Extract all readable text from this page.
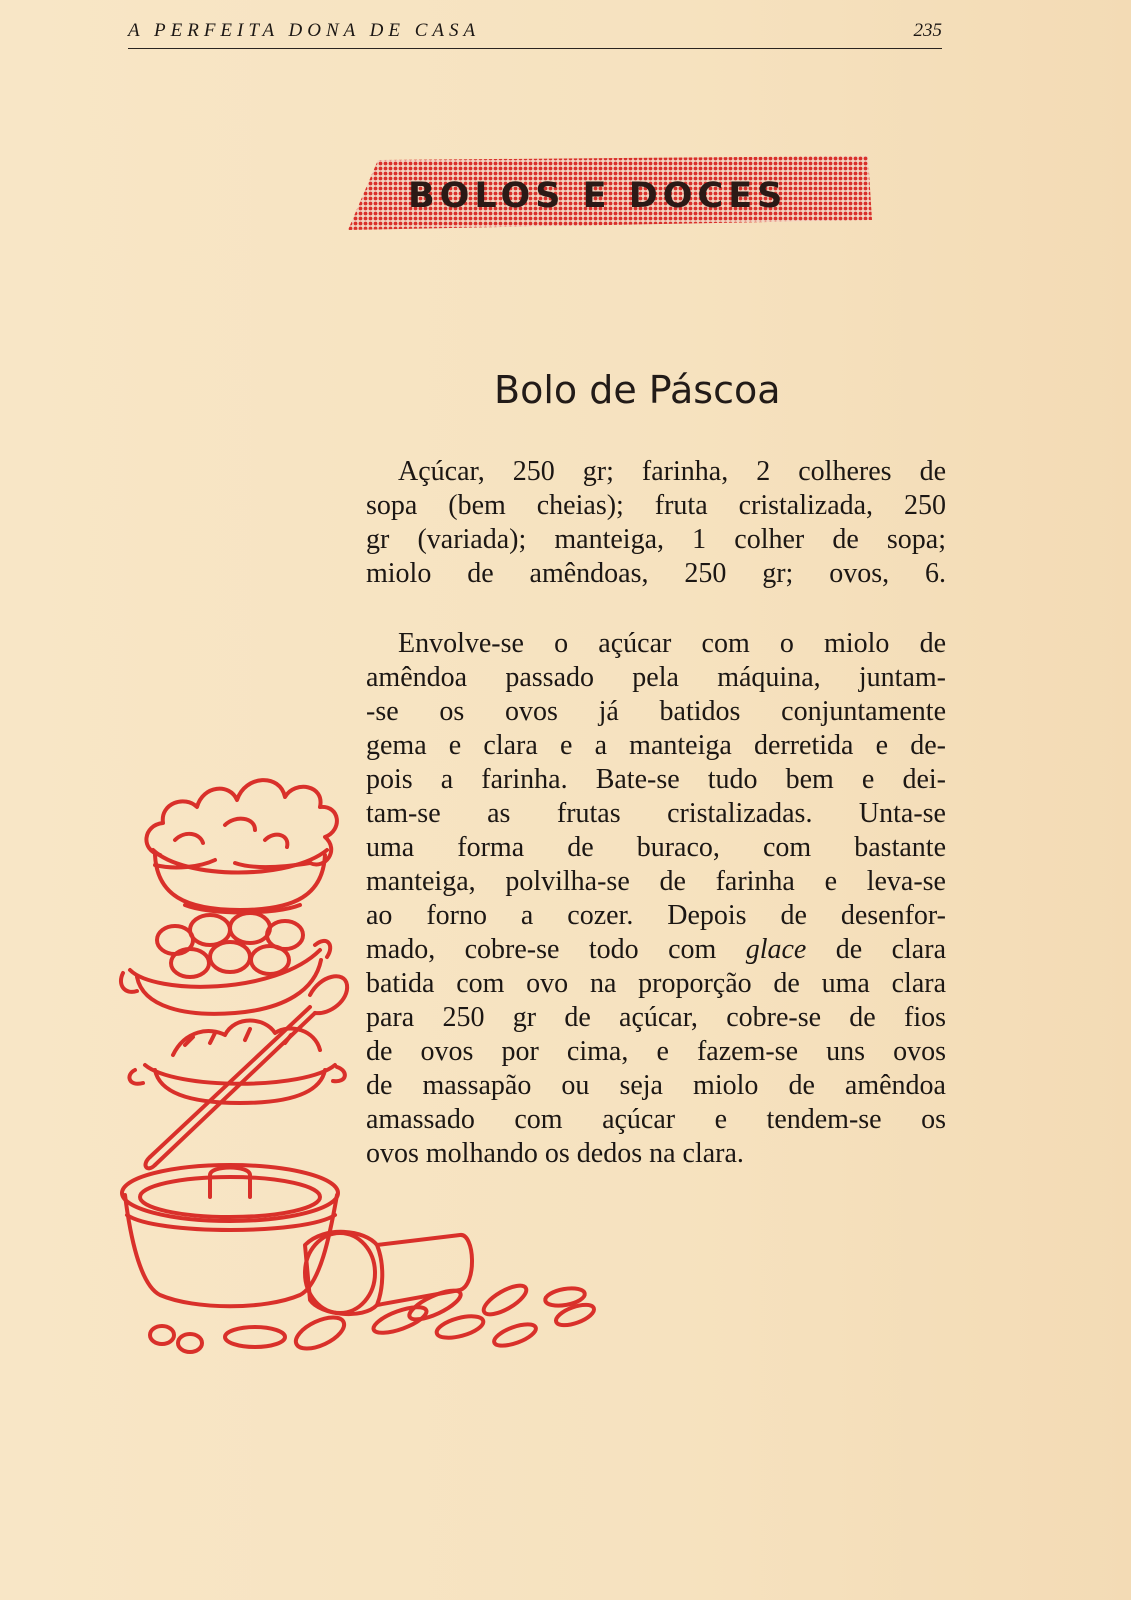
A PERFEITA DONA DE CASA	235
BOLOS E DOCES
Bolo de Páscoa
Açúcar, 250 gr; farinha, 2 colheres de
sopa (bem cheias); fruta cristalizada, 250
gr (variada); manteiga, 1 colher de sopa;
miolo de amêndoas, 250 gr; ovos, 6.
Envolve-se o açúcar com o miolo de
amêndoa passado pela máquina, juntam-
-se os ovos já batidos conjuntamente
gema e clara e a manteiga derretida e de-
pois a farinha. Bate-se tudo bem e dei-
tam-se as frutas cristalizadas. Unta-se
uma forma de buraco, com bastante
manteiga, polvilha-se de farinha e leva-se
ao forno a cozer. Depois de desenfor-
mado, cobre-se todo com glace de clara
batida com ovo na proporção de uma clara
para 250 gr de açúcar, cobre-se de fios
de ovos por cima, e fazem-se uns ovos
de massapão ou seja miolo de amêndoa
amassado com açúcar e tendem-se os
ovos molhando os dedos na clara.
